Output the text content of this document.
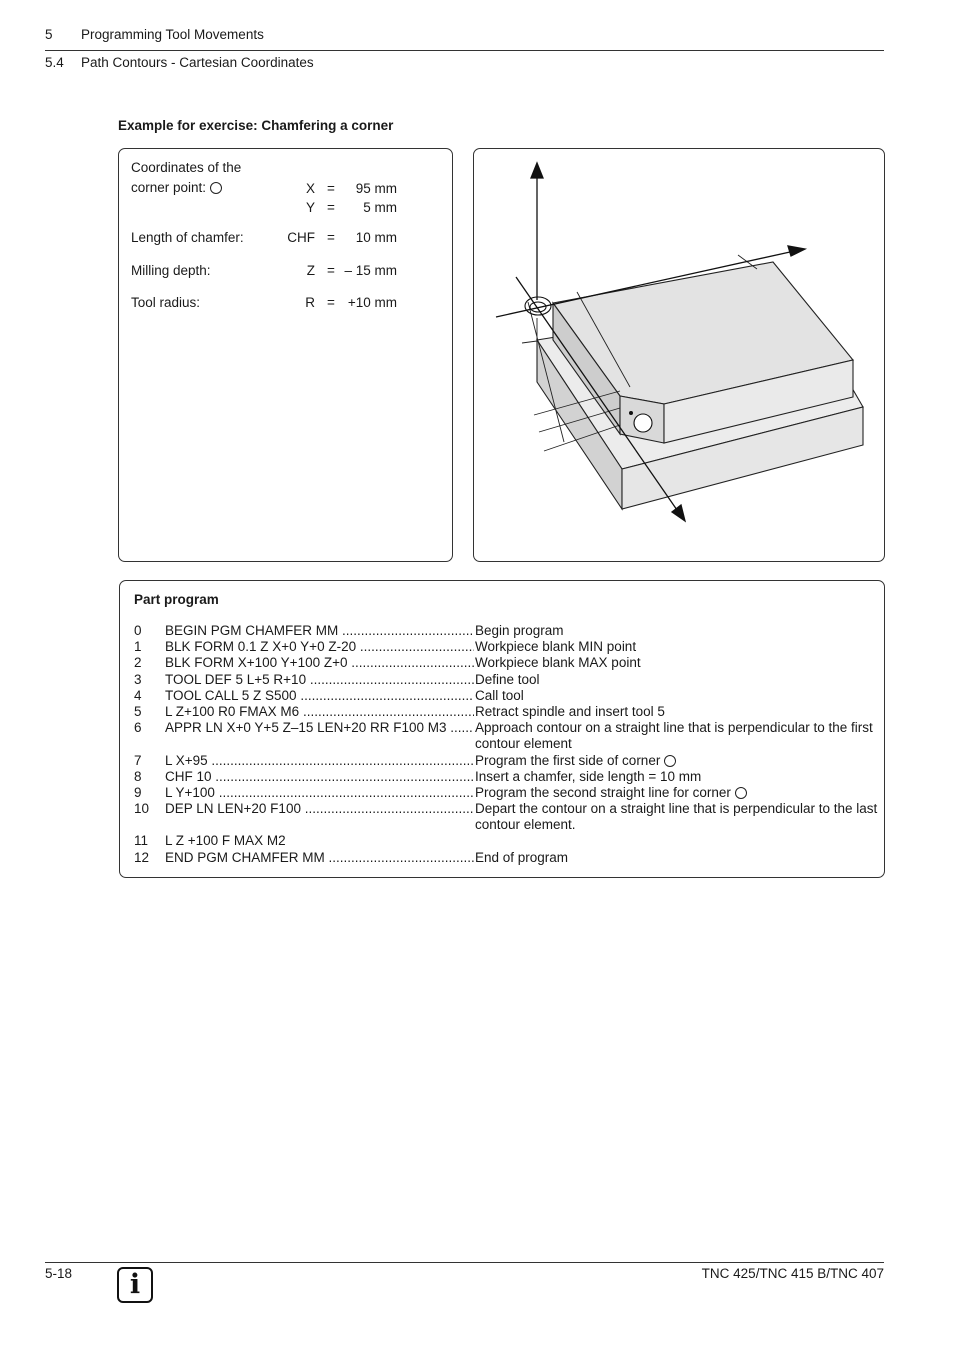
5 Programming Tool Movements
5.4 Path Contours - Cartesian Coordinates
Example for exercise: Chamfering a corner
Coordinates of the
corner point:	X =	95 mm
Y =	5 mm
Length of chamfer:	CHF =	10 mm
Milling depth:	Z = – 15 mm
Tool radius:	R = +10 mm
Part program
0 BEGIN PGM CHAMFER MM .....	Begin program
1 BLK FORM 0.1 Z X+0 Y+0 Z-20 .....	Workpiece blank MIN point
2 BLK FORM X+100 Y+100 Z+0 .....	Workpiece blank MAX point
3 TOOL DEF 5 L+5 R+10 .....	Define tool
4 TOOL CALL 5 Z S500 .....	Call tool
5 L Z+100 R0 FMAX M6 .....	Retract spindle and insert tool 5
6 APPR LN X+0 Y+5 Z–15 LEN+20 RR F100 M3 .....	Approach contour on a straight line that is perpendicular to the first contour element
7 L X+95 .....	Program the first side of corner
8 CHF 10 .....	Insert a chamfer, side length = 10 mm
9 L Y+100 .....	Program the second straight line for corner
10 DEP LN LEN+20 F100 .....	Depart the contour on a straight line that is perpendicular to the last contour element.
11 L Z +100 F MAX M2
12 END PGM CHAMFER MM .....	End of program
5-18	i	TNC 425/TNC 415 B/TNC 407
